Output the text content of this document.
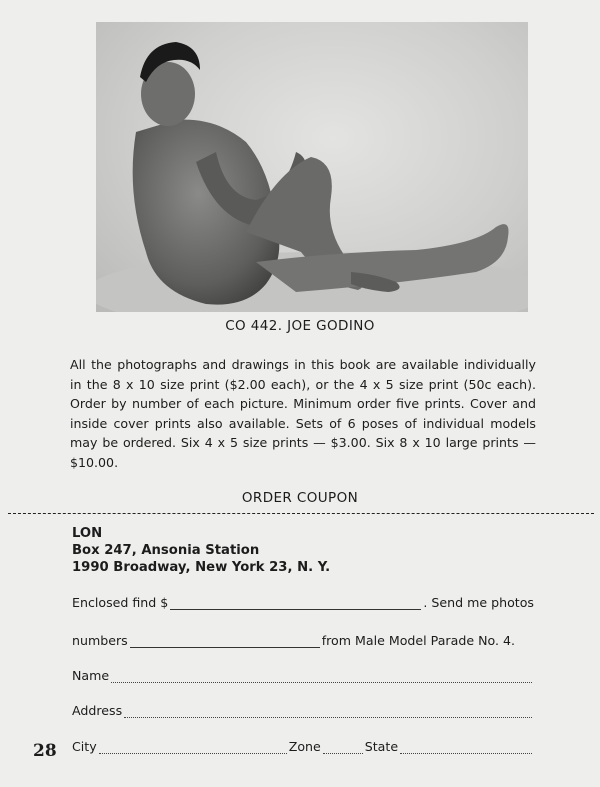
CO 442. JOE GODINO
All the photographs and drawings in this book are available individually in the 8 x 10 size print ($2.00 each), or the 4 x 5 size print (50c each). Order by number of each picture. Minimum order five prints. Cover and inside cover prints also available. Sets of 6 poses of individual models may be ordered. Six 4 x 5 size prints — $3.00. Six 8 x 10 large prints — $10.00.
ORDER COUPON
LON
Box 247, Ansonia Station
1990 Broadway, New York 23, N. Y.
Enclosed find $	. Send me photos
numbers	from Male Model Parade No. 4.
Name
Address
City	Zone	State
28
